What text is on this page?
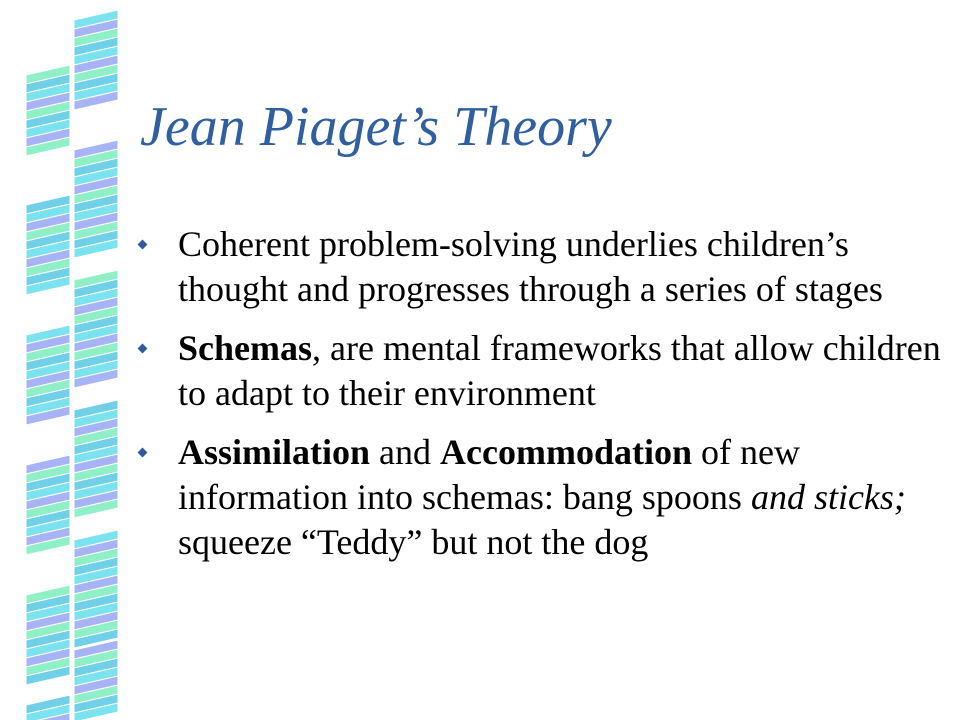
Jean Piaget’s Theory
Coherent problem-solving underlies children’s thought and progresses through a series of stages
Schemas, are mental frameworks that allow children to adapt to their environment
Assimilation and Accommodation of new information into schemas: bang spoons and sticks; squeeze “Teddy” but not the dog
